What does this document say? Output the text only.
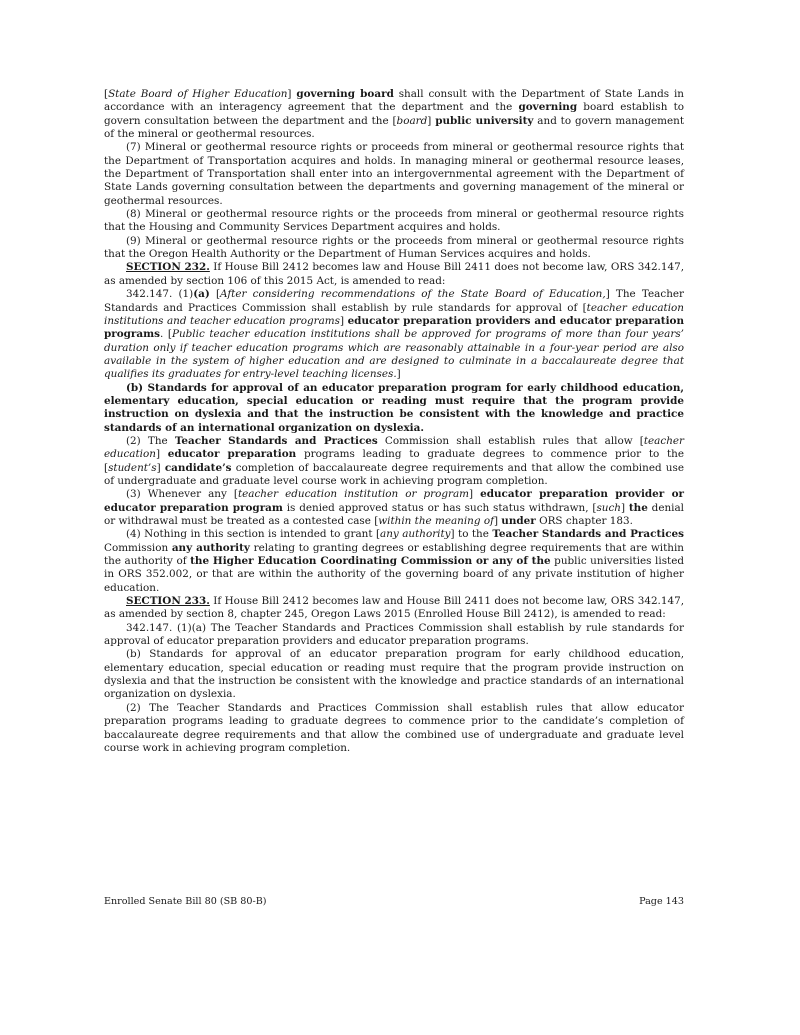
[State Board of Higher Education] governing board shall consult with the Department of State Lands in accordance with an interagency agreement that the department and the governing board establish to govern consultation between the department and the [board] public university and to govern management of the mineral or geothermal resources.

(7) Mineral or geothermal resource rights or proceeds from mineral or geothermal resource rights that the Department of Transportation acquires and holds. In managing mineral or geothermal resource leases, the Department of Transportation shall enter into an intergovernmental agreement with the Department of State Lands governing consultation between the departments and governing management of the mineral or geothermal resources.

(8) Mineral or geothermal resource rights or the proceeds from mineral or geothermal resource rights that the Housing and Community Services Department acquires and holds.

(9) Mineral or geothermal resource rights or the proceeds from mineral or geothermal resource rights that the Oregon Health Authority or the Department of Human Services acquires and holds.

SECTION 232. If House Bill 2412 becomes law and House Bill 2411 does not become law, ORS 342.147, as amended by section 106 of this 2015 Act, is amended to read:

342.147. (1)(a) [After considering recommendations of the State Board of Education,] The Teacher Standards and Practices Commission shall establish by rule standards for approval of [teacher education institutions and teacher education programs] educator preparation providers and educator preparation programs. [Public teacher education institutions shall be approved for programs of more than four years’ duration only if teacher education programs which are reasonably attainable in a four-year period are also available in the system of higher education and are designed to culminate in a baccalaureate degree that qualifies its graduates for entry-level teaching licenses.]

(b) Standards for approval of an educator preparation program for early childhood education, elementary education, special education or reading must require that the program provide instruction on dyslexia and that the instruction be consistent with the knowledge and practice standards of an international organization on dyslexia.

(2) The Teacher Standards and Practices Commission shall establish rules that allow [teacher education] educator preparation programs leading to graduate degrees to commence prior to the [student’s] candidate’s completion of baccalaureate degree requirements and that allow the combined use of undergraduate and graduate level course work in achieving program completion.

(3) Whenever any [teacher education institution or program] educator preparation provider or educator preparation program is denied approved status or has such status withdrawn, [such] the denial or withdrawal must be treated as a contested case [within the meaning of] under ORS chapter 183.

(4) Nothing in this section is intended to grant [any authority] to the Teacher Standards and Practices Commission any authority relating to granting degrees or establishing degree requirements that are within the authority of the Higher Education Coordinating Commission or any of the public universities listed in ORS 352.002, or that are within the authority of the governing board of any private institution of higher education.

SECTION 233. If House Bill 2412 becomes law and House Bill 2411 does not become law, ORS 342.147, as amended by section 8, chapter 245, Oregon Laws 2015 (Enrolled House Bill 2412), is amended to read:

342.147. (1)(a) The Teacher Standards and Practices Commission shall establish by rule standards for approval of educator preparation providers and educator preparation programs.

(b) Standards for approval of an educator preparation program for early childhood education, elementary education, special education or reading must require that the program provide instruction on dyslexia and that the instruction be consistent with the knowledge and practice standards of an international organization on dyslexia.

(2) The Teacher Standards and Practices Commission shall establish rules that allow educator preparation programs leading to graduate degrees to commence prior to the candidate’s completion of baccalaureate degree requirements and that allow the combined use of undergraduate and graduate level course work in achieving program completion.

Enrolled Senate Bill 80 (SB 80-B)	Page 143
